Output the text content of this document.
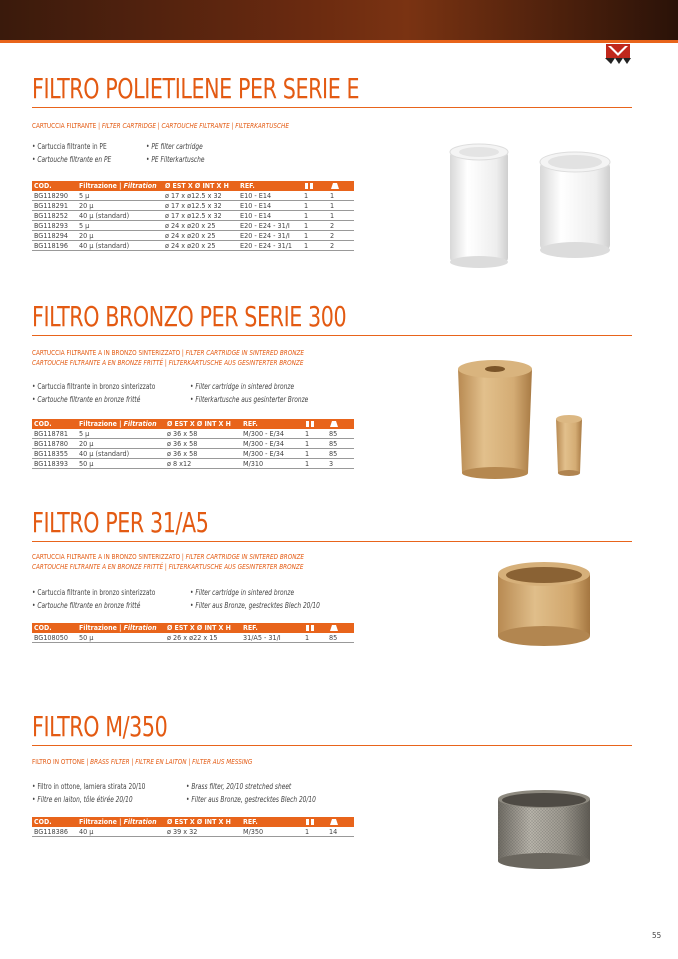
FILTRO POLIETILENE PER SERIE E
CARTUCCIA FILTRANTE | FILTER CARTRIDGE | CARTOUCHE FILTRANTE | FILTERKARTUSCHE
• Cartuccia filtrante in PE
• Cartouche filtrante en PE
• PE filter cartridge
• PE Filterkartusche
COD.	Filtrazione | Filtration	Ø EST X Ø INT X H	REF.		
BG118290	5 μ	ø 17 x ø12.5 x 32	E10 - E14	1	1
BG118291	20 μ	ø 17 x ø12.5 x 32	E10 - E14	1	1
BG118252	40 μ (standard)	ø 17 x ø12.5 x 32	E10 - E14	1	1
BG118293	5 μ	ø 24 x ø20 x 25	E20 - E24 - 31/I	1	2
BG118294	20 μ	ø 24 x ø20 x 25	E20 - E24 - 31/I	1	2
BG118196	40 μ (standard)	ø 24 x ø20 x 25	E20 - E24 - 31/1	1	2
FILTRO BRONZO PER SERIE 300
CARTUCCIA FILTRANTE A IN BRONZO SINTERIZZATO | FILTER CARTRIDGE IN SINTERED BRONZE
CARTOUCHE FILTRANTE A EN BRONZE FRITTÉ | FILTERKARTUSCHE AUS GESINTERTER BRONZE
• Cartuccia filtrante in bronzo sinterizzato
• Cartouche filtrante en bronze fritté
• Filter cartridge in sintered bronze
• Filterkartusche aus gesinterter Bronze
COD.	Filtrazione | Filtration	Ø EST X Ø INT X H	REF.		
BG118781	5 μ	ø 36 x 58	M/300 - E/34	1	85
BG118780	20 μ	ø 36 x 58	M/300 - E/34	1	85
BG118355	40 μ (standard)	ø 36 x 58	M/300 - E/34	1	85
BG118393	50 μ	ø 8 x12	M/310	1	3
FILTRO PER 31/A5
CARTUCCIA FILTRANTE A IN BRONZO SINTERIZZATO | FILTER CARTRIDGE IN SINTERED BRONZE
CARTOUCHE FILTRANTE A EN BRONZE FRITTÉ | FILTERKARTUSCHE AUS GESINTERTER BRONZE
• Cartuccia filtrante in bronzo sinterizzato
• Cartouche filtrante en bronze fritté
• Filter cartridge in sintered bronze
• Filter aus Bronze, gestrecktes Blech 20/10
COD.	Filtrazione | Filtration	Ø EST X Ø INT X H	REF.		
BG108050	50 μ	ø 26 x ø22 x 15	31/A5 - 31/I	1	85
FILTRO M/350
FILTRO IN OTTONE | BRASS FILTER | FILTRE EN LAITON | FILTER AUS MESSING
• Filtro in ottone, lamiera stirata 20/10
• Filtre en laiton, tôle étirée 20/10
• Brass filter, 20/10 stretched sheet
• Filter aus Bronze, gestrecktes Blech 20/10
COD.	Filtrazione | Filtration	Ø EST X Ø INT X H	REF.		
BG118386	40 μ	ø 39 x 32	M/350	1	14
55
